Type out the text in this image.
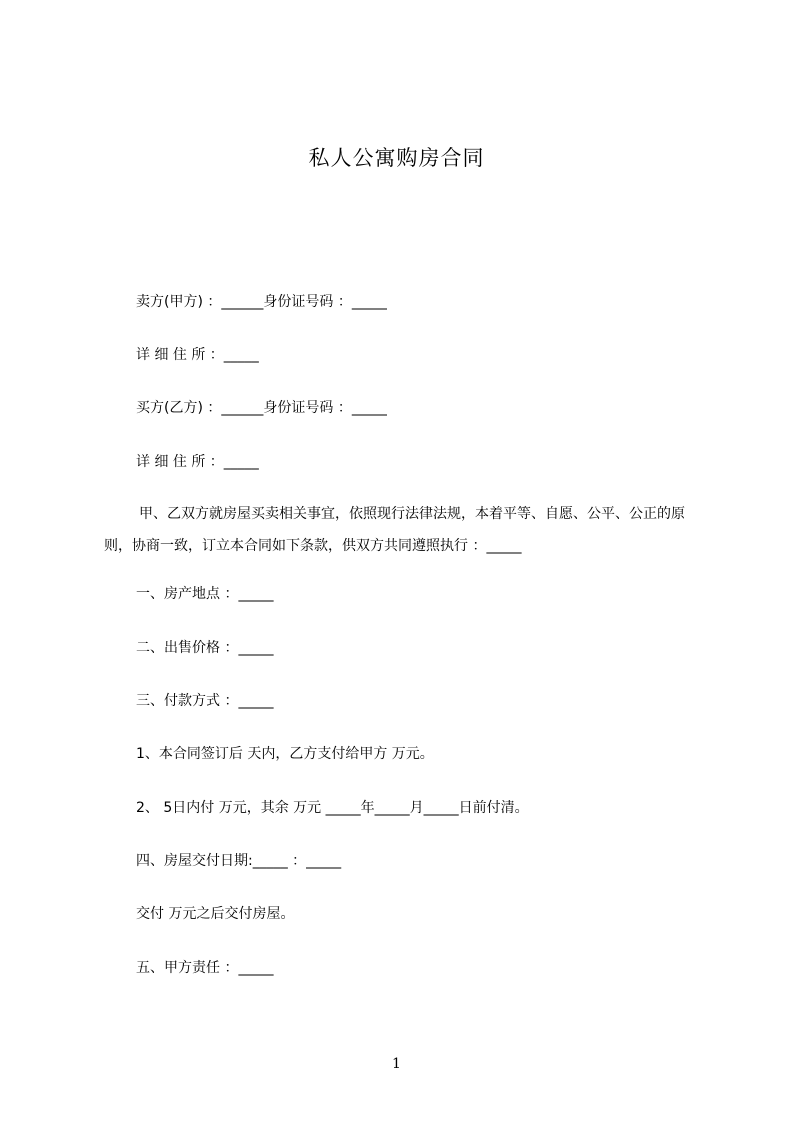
私人公寓购房合同
卖方(甲方) ：______身份证号码 ：_____
详 细 住 所 ：_____
买方(乙方) ：______身份证号码 ：_____
详 细 住 所 ：_____
甲、乙双方就房屋买卖相关事宜，依照现行法律法规，本着平等、自愿、公平、公正的原则，协商一致，订立本合同如下条款，供双方共同遵照执行 ：_____
一、房产地点 ：_____
二、出售价格 ：_____
三、付款方式 ：_____
1、本合同签订后 天内，乙方支付给甲方 万元。
2、 5日内付 万元，其余 万元 _____年_____月_____日前付清。
四、房屋交付日期:_____ ：_____
交付 万元之后交付房屋。
五、甲方责任 ：_____
1
